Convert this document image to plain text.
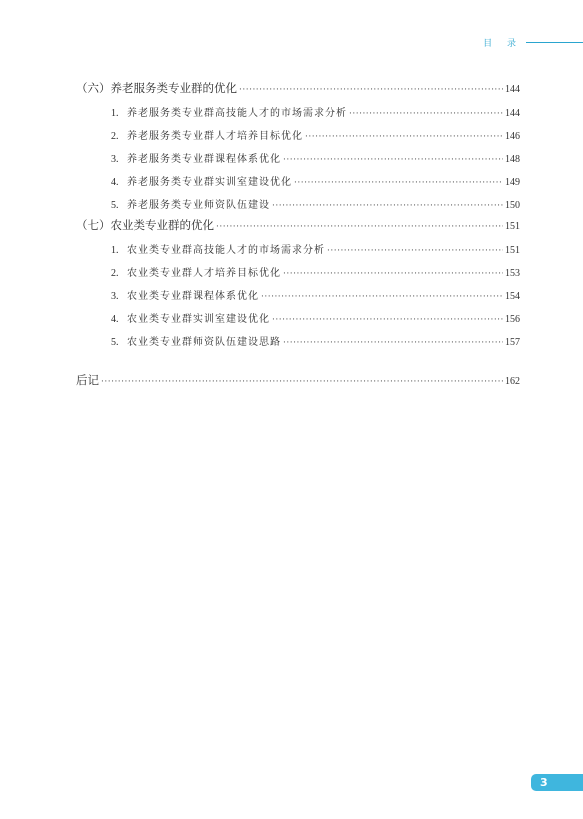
目 录
（六）养老服务类专业群的优化 ·····	144
1. 养老服务类专业群高技能人才的市场需求分析 ·····	144
2. 养老服务类专业群人才培养目标优化 ·····	146
3. 养老服务类专业群课程体系优化 ·····	148
4. 养老服务类专业群实训室建设优化 ·····	149
5. 养老服务类专业师资队伍建设 ·····	150
（七）农业类专业群的优化 ·····	151
1. 农业类专业群高技能人才的市场需求分析 ·····	151
2. 农业类专业群人才培养目标优化 ·····	153
3. 农业类专业群课程体系优化 ·····	154
4. 农业类专业群实训室建设优化 ·····	156
5. 农业类专业群师资队伍建设思路 ·····	157
后记 ·····	162
3
